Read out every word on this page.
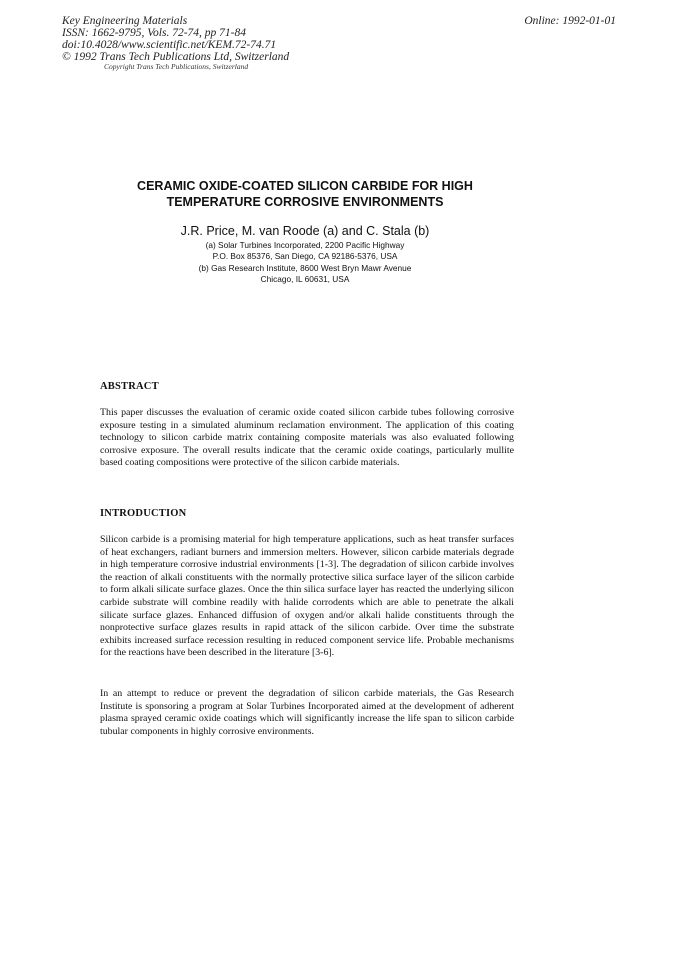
Key Engineering Materials
ISSN: 1662-9795, Vols. 72-74, pp 71-84
doi:10.4028/www.scientific.net/KEM.72-74.71
© 1992 Trans Tech Publications Ltd, Switzerland
Online: 1992-01-01
Copyright Trans Tech Publications, Switzerland
CERAMIC OXIDE-COATED SILICON CARBIDE FOR HIGH
TEMPERATURE CORROSIVE ENVIRONMENTS
J.R. Price, M. van Roode (a) and C. Stala (b)
(a) Solar Turbines Incorporated, 2200 Pacific Highway
P.O. Box 85376, San Diego, CA 92186-5376, USA
(b) Gas Research Institute, 8600 West Bryn Mawr Avenue
Chicago, IL 60631, USA
ABSTRACT
This paper discusses the evaluation of ceramic oxide coated silicon carbide tubes following corrosive exposure testing in a simulated aluminum reclamation environment. The application of this coating technology to silicon carbide matrix containing composite materials was also evaluated following corrosive exposure. The overall results indicate that the ceramic oxide coatings, particularly mullite based coating compositions were protective of the silicon carbide materials.
INTRODUCTION
Silicon carbide is a promising material for high temperature applications, such as heat transfer surfaces of heat exchangers, radiant burners and immersion melters. However, silicon carbide materials degrade in high temperature corrosive industrial environments [1-3]. The degradation of silicon carbide involves the reaction of alkali constituents with the normally protective silica surface layer of the silicon carbide to form alkali silicate surface glazes. Once the thin silica surface layer has reacted the underlying silicon carbide substrate will combine readily with halide corrodents which are able to penetrate the alkali silicate surface glazes. Enhanced diffusion of oxygen and/or alkali halide constituents through the nonprotective surface glazes results in rapid attack of the silicon carbide. Over time the substrate exhibits increased surface recession resulting in reduced component service life. Probable mechanisms for the reactions have been described in the literature [3-6].
In an attempt to reduce or prevent the degradation of silicon carbide materials, the Gas Research Institute is sponsoring a program at Solar Turbines Incorporated aimed at the development of adherent plasma sprayed ceramic oxide coatings which will significantly increase the life span to silicon carbide tubular components in highly corrosive environments.
